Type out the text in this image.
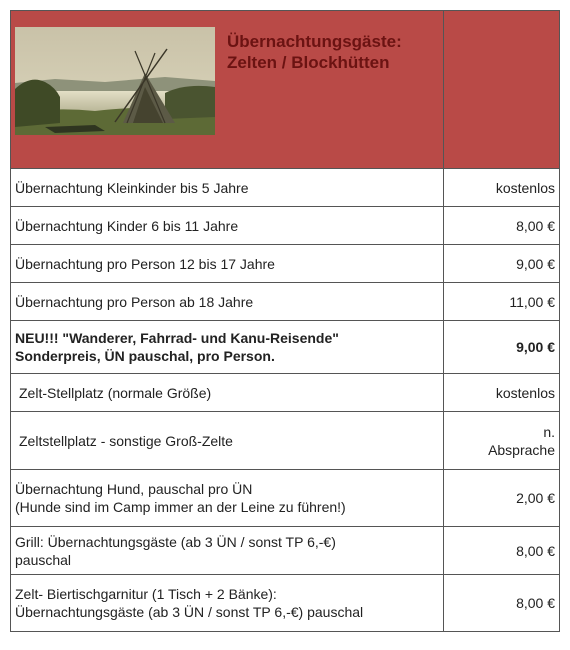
Übernachtungsgäste:
Zelten / Blockhütten	

Übernachtung Kleinkinder bis 5 Jahre	kostenlos
Übernachtung Kinder 6 bis 11 Jahre	8,00 €
Übernachtung pro Person 12 bis 17 Jahre	9,00 €
Übernachtung pro Person ab 18 Jahre	11,00 €

NEU!!! "Wanderer, Fahrrad- und Kanu-Reisende"
Sonderpreis, ÜN pauschal, pro Person.	9,00 €
Zelt-Stellplatz (normale Größe)	kostenlos
Zeltstellplatz - sonstige Groß-Zelte	n.
Absprache

Übernachtung Hund, pauschal pro ÜN
(Hunde sind im Camp immer an der Leine zu führen!)	2,00 €

Grill: Übernachtungsgäste (ab 3 ÜN / sonst TP 6,-€)
pauschal	8,00 €

Zelt- Biertischgarnitur (1 Tisch + 2 Bänke):
Übernachtungsgäste (ab 3 ÜN / sonst TP 6,-€) pauschal	8,00 €
